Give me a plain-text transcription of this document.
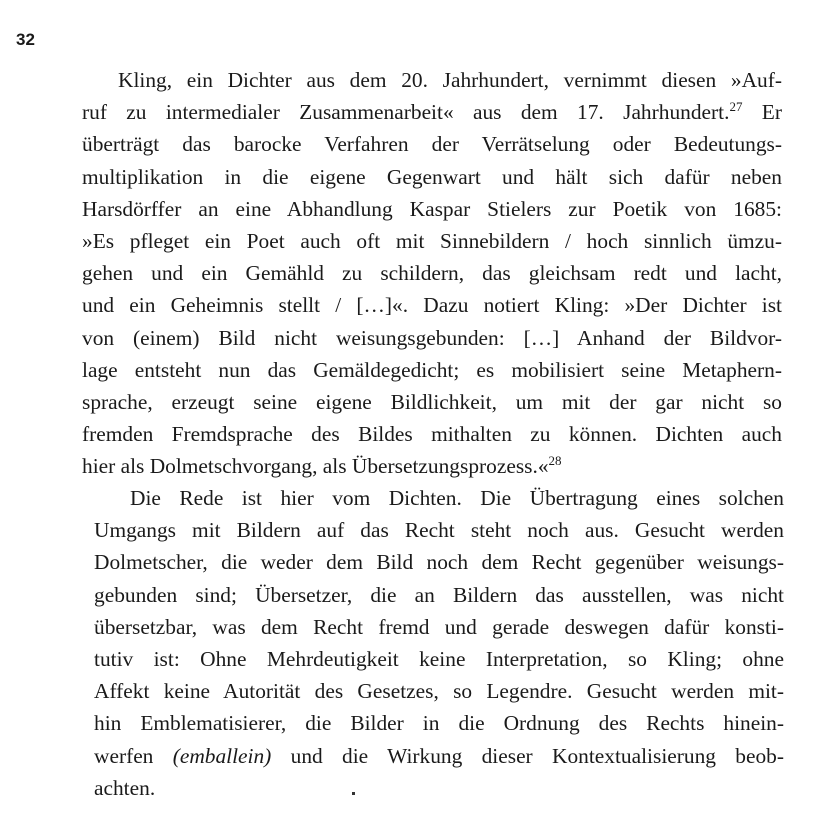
32

Kling, ein Dichter aus dem 20. Jahrhundert, vernimmt diesen »Auf-
ruf zu intermedialer Zusammenarbeit« aus dem 17. Jahrhundert.$^{27}$ Er
überträgt das barocke Verfahren der Verrätselung oder Bedeutungs-
multiplikation in die eigene Gegenwart und hält sich dafür neben
Harsdörffer an eine Abhandlung Kaspar Stielers zur Poetik von 1685:
»Es pfleget ein Poet auch oft mit Sinnebildern / hoch sinnlich ümzu-
gehen und ein Gemähld zu schildern, das gleichsam redt und lacht,
und ein Geheimnis stellt / […]«. Dazu notiert Kling: »Der Dichter ist
von (einem) Bild nicht weisungsgebunden: […] Anhand der Bildvor-
lage entsteht nun das Gemäldegedicht; es mobilisiert seine Metaphern-
sprache, erzeugt seine eigene Bildlichkeit, um mit der gar nicht so
fremden Fremdsprache des Bildes mithalten zu können. Dichten auch
hier als Dolmetschvorgang, als Übersetzungsprozess.«$^{28}$

Die Rede ist hier vom Dichten. Die Übertragung eines solchen
Umgangs mit Bildern auf das Recht steht noch aus. Gesucht werden
Dolmetscher, die weder dem Bild noch dem Recht gegenüber weisungs-
gebunden sind; Übersetzer, die an Bildern das ausstellen, was nicht
übersetzbar, was dem Recht fremd und gerade deswegen dafür konsti-
tutiv ist: Ohne Mehrdeutigkeit keine Interpretation, so Kling; ohne
Affekt keine Autorität des Gesetzes, so Legendre. Gesucht werden mit-
hin Emblematisierer, die Bilder in die Ordnung des Rechts hinein-
werfen (emballein) und die Wirkung dieser Kontextualisierung beob-
achten.
